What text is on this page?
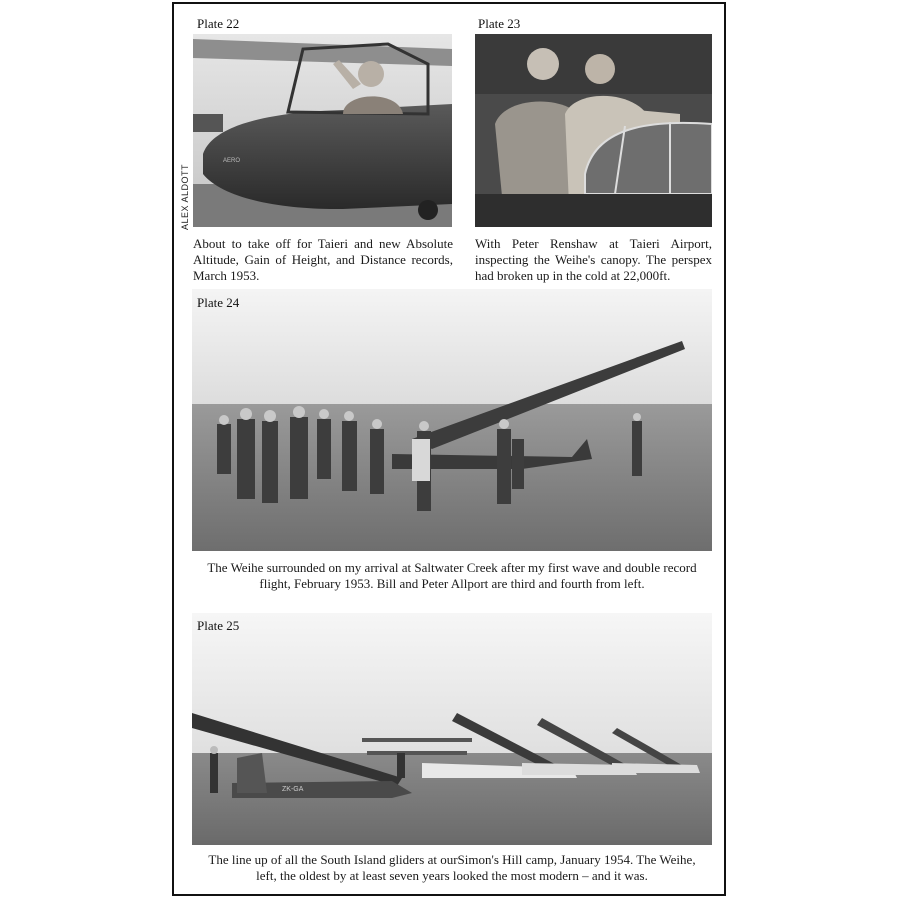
AERO
Plate 22
ALEX ALDOTT
About to take off for Taieri and new Absolute Altitude, Gain of Height, and Distance records, March 1953.
Plate 23
With Peter Renshaw at Taieri Airport, inspecting the Weihe's canopy. The perspex had broken up in the cold at 22,000ft.
Plate 24
The Weihe surrounded on my arrival at Saltwater Creek after my first wave and double record
flight, February 1953. Bill and Peter Allport are third and fourth from left.
ZK-GA
Plate 25
The line up of all the South Island gliders at ourSimon's Hill camp, January 1954. The Weihe,
left, the oldest by at least seven years looked the most modern – and it was.
